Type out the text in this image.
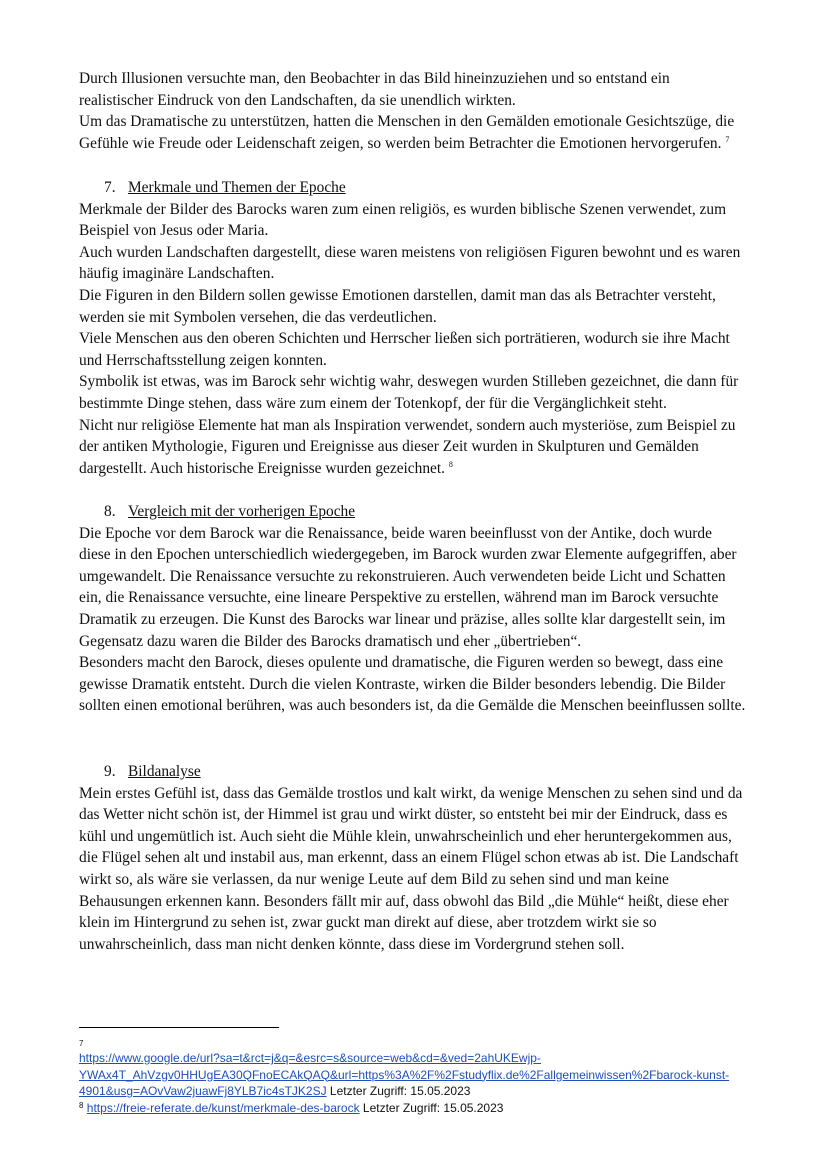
Durch Illusionen versuchte man, den Beobachter in das Bild hineinzuziehen und so entstand ein
realistischer Eindruck von den Landschaften, da sie unendlich wirkten.
Um das Dramatische zu unterstützen, hatten die Menschen in den Gemälden emotionale Gesichtszüge, die
Gefühle wie Freude oder Leidenschaft zeigen, so werden beim Betrachter die Emotionen hervorgerufen. $^7$
7. Merkmale und Themen der Epoche
Merkmale der Bilder des Barocks waren zum einen religiös, es wurden biblische Szenen verwendet, zum
Beispiel von Jesus oder Maria.
Auch wurden Landschaften dargestellt, diese waren meistens von religiösen Figuren bewohnt und es waren
häufig imaginäre Landschaften.
Die Figuren in den Bildern sollen gewisse Emotionen darstellen, damit man das als Betrachter versteht,
werden sie mit Symbolen versehen, die das verdeutlichen.
Viele Menschen aus den oberen Schichten und Herrscher ließen sich porträtieren, wodurch sie ihre Macht
und Herrschaftsstellung zeigen konnten.
Symbolik ist etwas, was im Barock sehr wichtig wahr, deswegen wurden Stilleben gezeichnet, die dann für
bestimmte Dinge stehen, dass wäre zum einem der Totenkopf, der für die Vergänglichkeit steht.
Nicht nur religiöse Elemente hat man als Inspiration verwendet, sondern auch mysteriöse, zum Beispiel zu
der antiken Mythologie, Figuren und Ereignisse aus dieser Zeit wurden in Skulpturen und Gemälden
dargestellt. Auch historische Ereignisse wurden gezeichnet. $^8$
8. Vergleich mit der vorherigen Epoche
Die Epoche vor dem Barock war die Renaissance, beide waren beeinflusst von der Antike, doch wurde
diese in den Epochen unterschiedlich wiedergegeben, im Barock wurden zwar Elemente aufgegriffen, aber
umgewandelt. Die Renaissance versuchte zu rekonstruieren. Auch verwendeten beide Licht und Schatten
ein, die Renaissance versuchte, eine lineare Perspektive zu erstellen, während man im Barock versuchte
Dramatik zu erzeugen. Die Kunst des Barocks war linear und präzise, alles sollte klar dargestellt sein, im
Gegensatz dazu waren die Bilder des Barocks dramatisch und eher „übertrieben“.
Besonders macht den Barock, dieses opulente und dramatische, die Figuren werden so bewegt, dass eine
gewisse Dramatik entsteht. Durch die vielen Kontraste, wirken die Bilder besonders lebendig. Die Bilder
sollten einen emotional berühren, was auch besonders ist, da die Gemälde die Menschen beeinflussen sollte.
9. Bildanalyse
Mein erstes Gefühl ist, dass das Gemälde trostlos und kalt wirkt, da wenige Menschen zu sehen sind und da
das Wetter nicht schön ist, der Himmel ist grau und wirkt düster, so entsteht bei mir der Eindruck, dass es
kühl und ungemütlich ist. Auch sieht die Mühle klein, unwahrscheinlich und eher heruntergekommen aus,
die Flügel sehen alt und instabil aus, man erkennt, dass an einem Flügel schon etwas ab ist. Die Landschaft
wirkt so, als wäre sie verlassen, da nur wenige Leute auf dem Bild zu sehen sind und man keine
Behausungen erkennen kann. Besonders fällt mir auf, dass obwohl das Bild „die Mühle“ heißt, diese eher
klein im Hintergrund zu sehen ist, zwar guckt man direkt auf diese, aber trotzdem wirkt sie so
unwahrscheinlich, dass man nicht denken könnte, dass diese im Vordergrund stehen soll.
7
https://www.google.de/url?sa=t&rct=j&q=&esrc=s&source=web&cd=&ved=2ahUKEwjp-
YWAx4T_AhVzgv0HHUgEA30QFnoECAkQAQ&url=https%3A%2F%2Fstudyflix.de%2Fallgemeinwissen%2Fbarock-kunst-
4901&usg=AOvVaw2juawFj8YLB7ic4sTJK2SJ Letzter Zugriff: 15.05.2023
$^8$ https://freie-referate.de/kunst/merkmale-des-barock Letzter Zugriff: 15.05.2023
